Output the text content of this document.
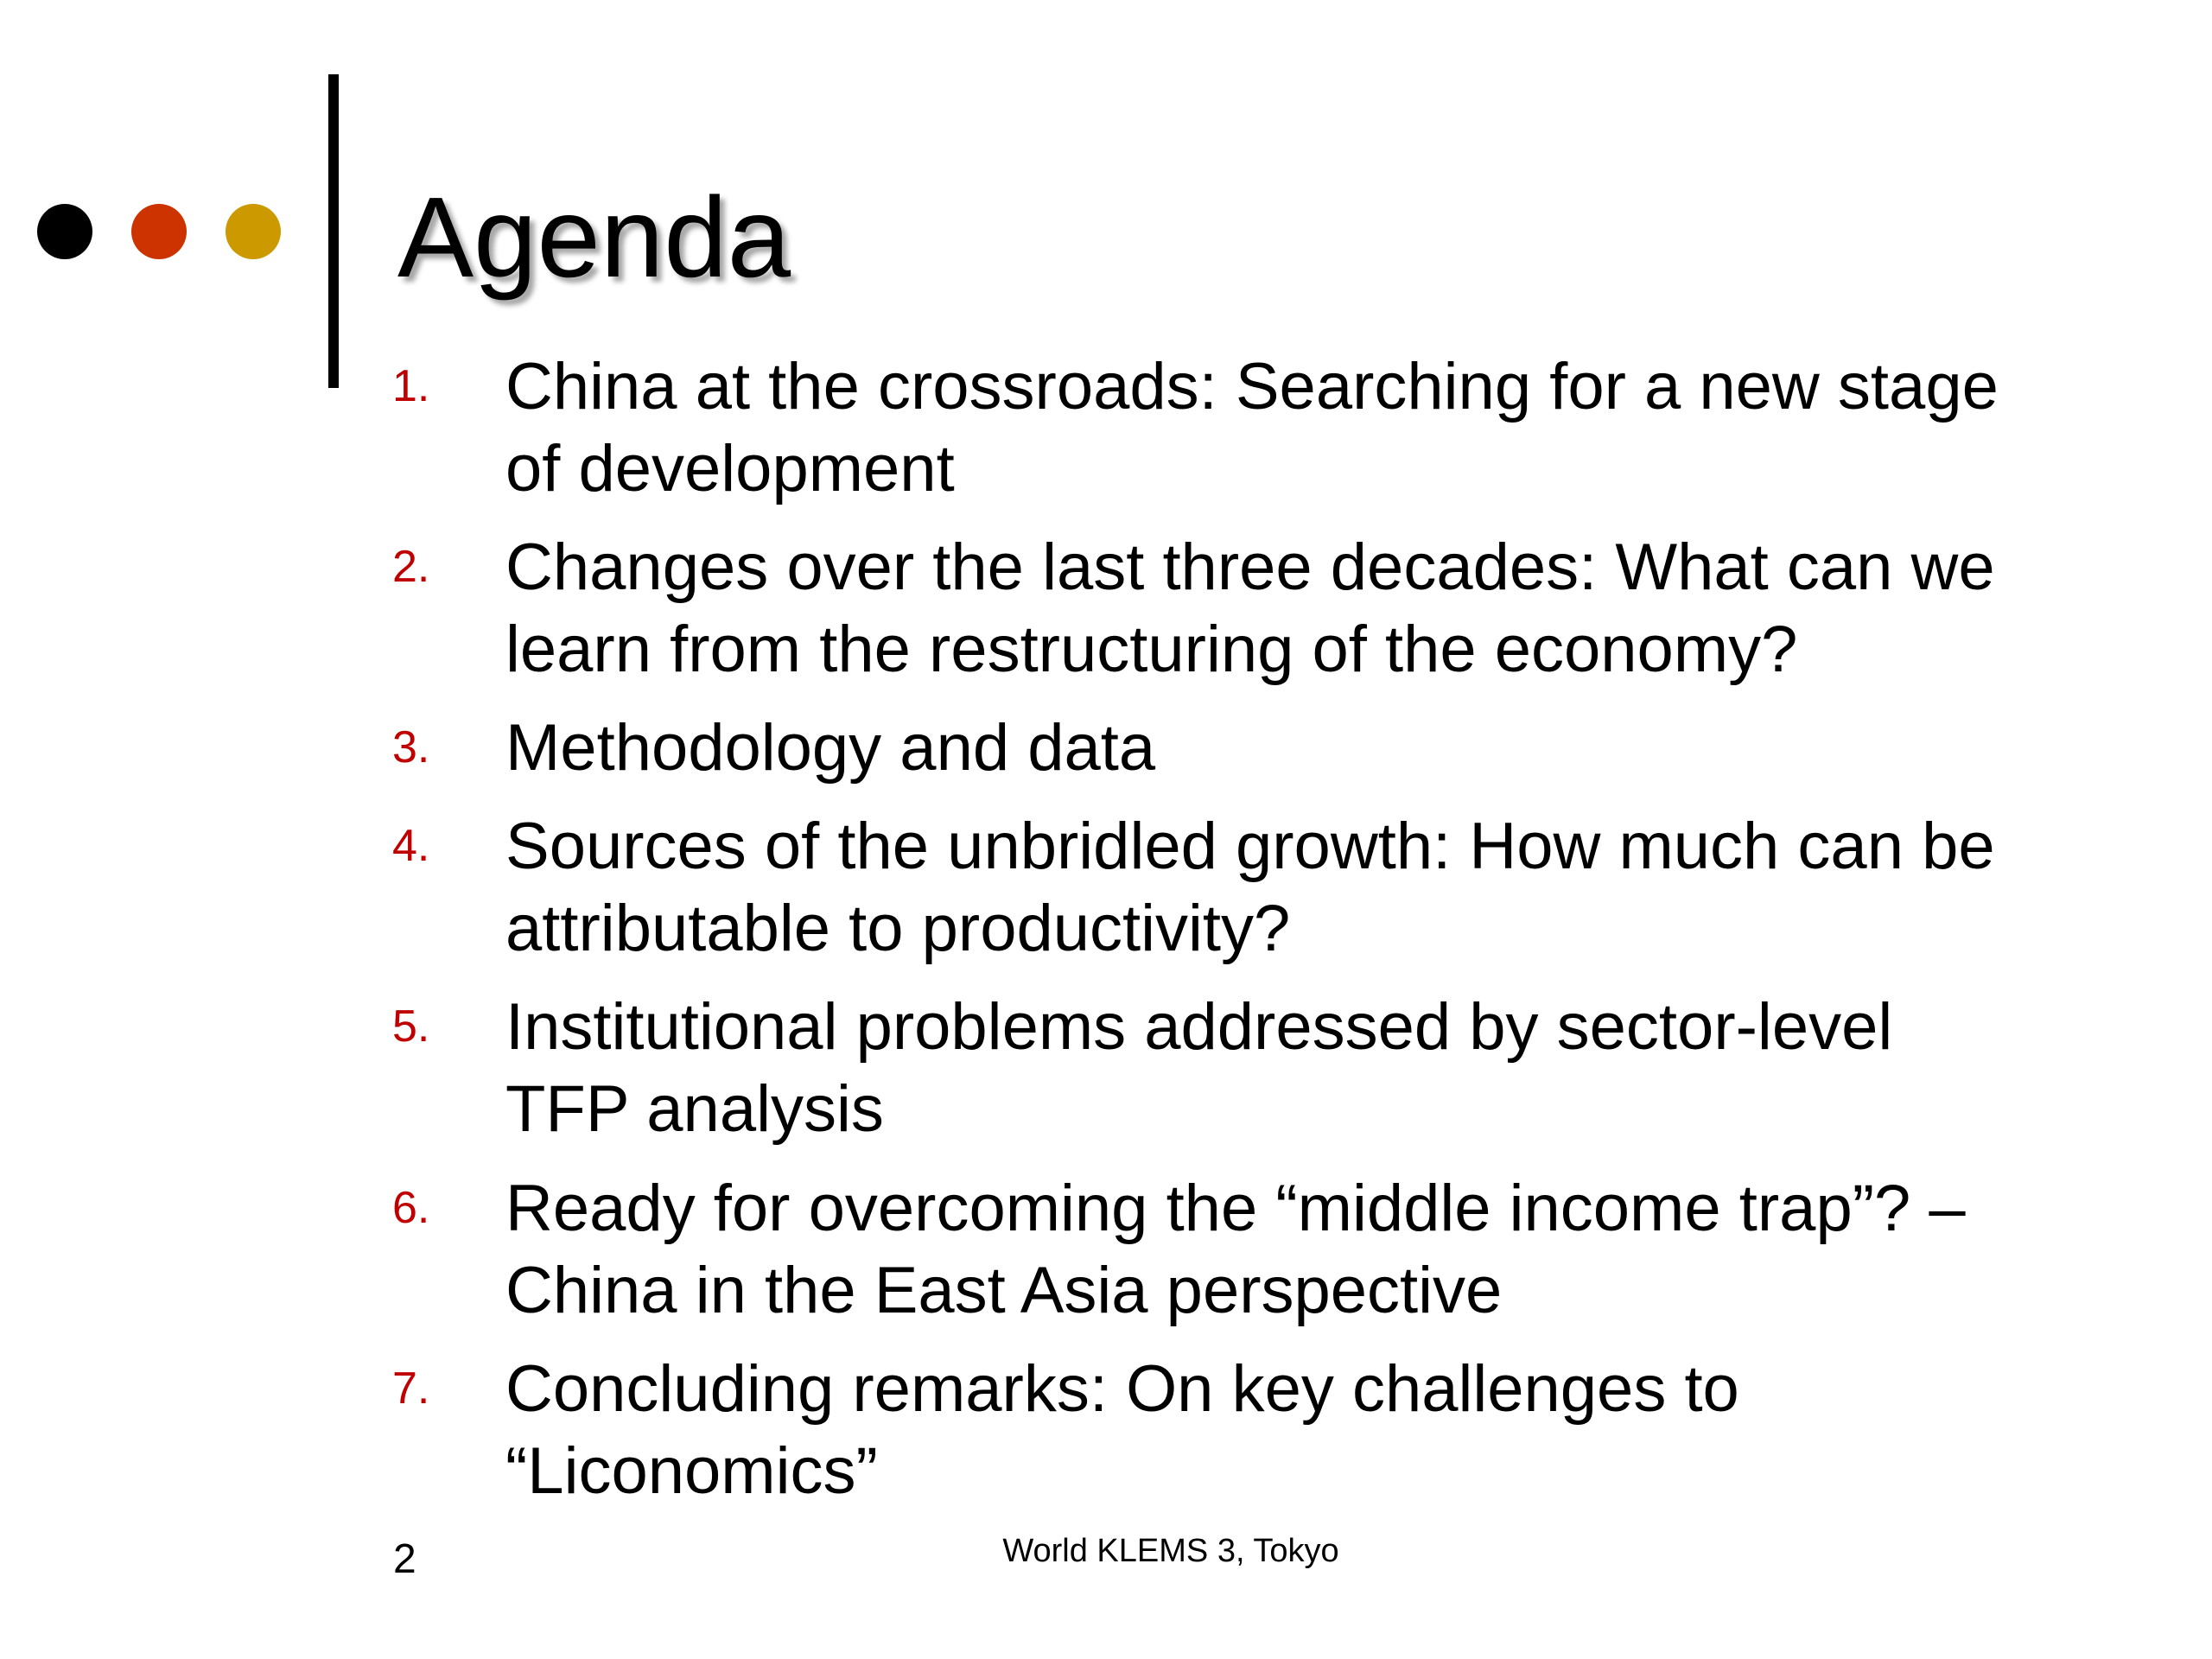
Agenda
1. China at the crossroads: Searching for a new stage
of development
2. Changes over the last three decades: What can we
learn from the restructuring of the economy?
3. Methodology and data
4. Sources of the unbridled growth: How much can be
attributable to productivity?
5. Institutional problems addressed by sector-level
TFP analysis
6. Ready for overcoming the “middle income trap”? –
China in the East Asia perspective
7. Concluding remarks: On key challenges to
“Liconomics”
2	World KLEMS 3, Tokyo
